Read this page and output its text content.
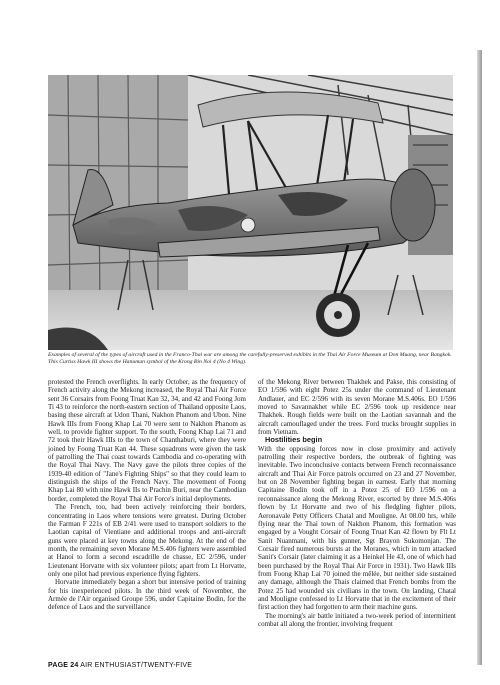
Examples of several of the types of aircraft used in the Franco-Thai war are among the carefully-preserved exhibits in the Thai Air Force Museum at Don Muang, near Bangkok. This Curtiss Hawk III shows the Hanuman symbol of the Krong Bin Noi 4 (No 4 Wing).

protested the French overflights. In early October, as the frequency of French activity along the Mekong increased, the Royal Thai Air Force sent 36 Corsairs from Foong Truat Kan 32, 34, and 42 and Foong Jom Ti 43 to reinforce the north-eastern section of Thailand opposite Laos, basing these aircraft at Udon Thani, Nakhon Phanom and Ubon. Nine Hawk IIIs from Foong Khap Lai 70 were sent to Nakhon Phanom as well, to provide fighter support. To the south, Foong Khap Lai 71 and 72 took their Hawk IIIs to the town of Chanthaburi, where they were joined by Foong Truat Kan 44. These squadrons were given the task of patrolling the Thai coast towards Cambodia and co-operating with the Royal Thai Navy. The Navy gave the pilots three copies of the 1939-40 edition of "Jane's Fighting Ships" so that they could learn to distinguish the ships of the French Navy. The movement of Foong Khap Lai 80 with nine Hawk IIs to Prachin Buri, near the Cambodian border, completed the Royal Thai Air Force's initial deployments.

The French, too, had been actively reinforcing their borders, concentrating in Laos where tensions were greatest. During October the Farman F 221s of EB 2/41 were used to transport soldiers to the Laotian capital of Vientiane and additional troops and anti-aircraft guns were placed at key towns along the Mekong. At the end of the month, the remaining seven Morane M.S.406 fighters were assembled at Hanoi to form a second escadrille de chasse, EC 2/596, under Lieutenant Horvatte with six volunteer pilots; apart from Lt Horvatte, only one pilot had previous experience flying fighters.

Horvatte immediately began a short but intensive period of training for his inexperienced pilots. In the third week of November, the Armée de l'Air organised Groupe 596, under Capitaine Bodin, for the defence of Laos and the surveillance

of the Mekong River between Thakhek and Pakse, this consisting of EO 1/596 with eight Potez 25s under the command of Lieutenant Andlauer, and EC 2/596 with its seven Morane M.S.406s. EO 1/596 moved to Savannakhet while EC 2/596 took up residence near Thakhek. Rough fields were built on the Laotian savannah and the aircraft camouflaged under the trees. Ford trucks brought supplies in from Vietnam.

Hostilities begin

With the opposing forces now in close proximity and actively patrolling their respective borders, the outbreak of fighting was inevitable. Two inconclusive contacts between French reconnaissance aircraft and Thai Air Force patrols occurred on 23 and 27 November, but on 28 November fighting began in earnest. Early that morning Capitaine Bodin took off in a Potez 25 of EO 1/596 on a reconnaissance along the Mekong River, escorted by three M.S.406s flown by Lt Horvatte and two of his fledgling fighter pilots, Aeronavale Petty Officers Chatal and Mouligne. At 08.00 hrs, while flying near the Thai town of Nakhon Phanom, this formation was engaged by a Vought Corsair of Foong Truat Kan 42 flown by Flt Lt Sanit Nuanmani, with his gunner, Sgt Brayon Sukomonjan. The Corsair fired numerous bursts at the Moranes, which in turn attacked Sanit's Corsair (later claiming it as a Heinkel He 43, one of which had been purchased by the Royal Thai Air Force in 1931). Two Hawk IIIs from Foong Khap Lai 70 joined the mêlée, but neither side sustained any damage, although the Thais claimed that French bombs from the Potez 25 had wounded six civilians in the town. On landing, Chatal and Mouligne confessed to Lt Horvatte that in the excitement of their first action they had forgotten to arm their machine guns.

The morning's air battle initiated a two-week period of intermittent combat all along the frontier, involving frequent

PAGE 24 AIR ENTHUSIAST/TWENTY-FIVE
